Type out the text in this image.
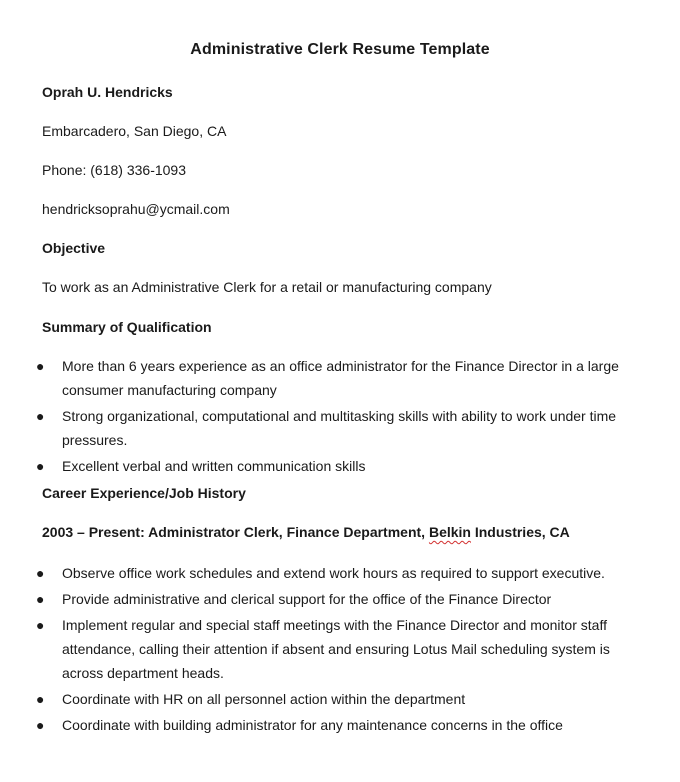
Administrative Clerk Resume Template
Oprah U. Hendricks
Embarcadero, San Diego, CA
Phone: (618) 336-1093
hendricksoprahu@ycmail.com
Objective
To work as an Administrative Clerk for a retail or manufacturing company
Summary of Qualification
● More than 6 years experience as an office administrator for the Finance Director in a large consumer manufacturing company
● Strong organizational, computational and multitasking skills with ability to work under time pressures.
● Excellent verbal and written communication skills
Career Experience/Job History
2003 – Present: Administrator Clerk, Finance Department, Belkin Industries, CA
● Observe office work schedules and extend work hours as required to support executive.
● Provide administrative and clerical support for the office of the Finance Director
● Implement regular and special staff meetings with the Finance Director and monitor staff attendance, calling their attention if absent and ensuring Lotus Mail scheduling system is across department heads.
● Coordinate with HR on all personnel action within the department
● Coordinate with building administrator for any maintenance concerns in the office
